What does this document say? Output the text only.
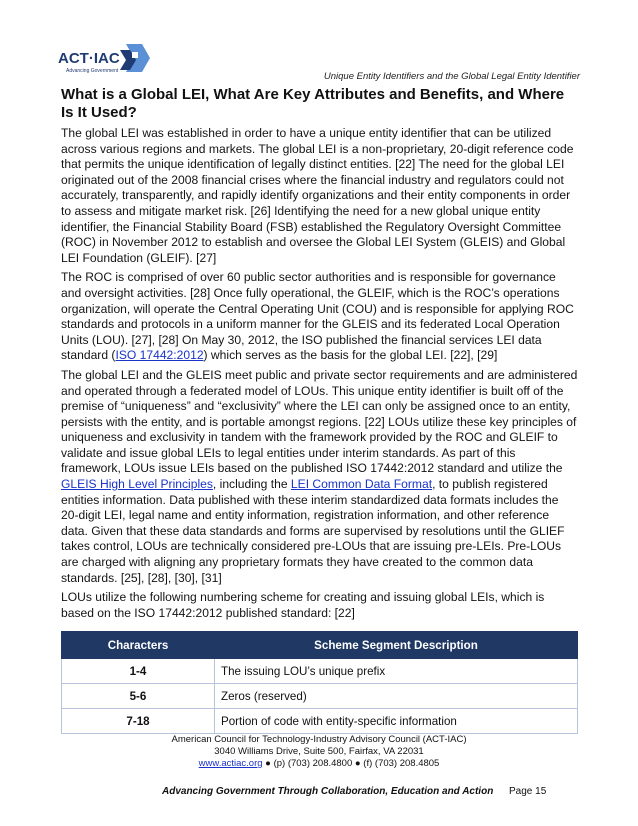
ACT·IAC
Advancing Government	Unique Entity Identifiers and the Global Legal Entity Identifier
What is a Global LEI, What Are Key Attributes and Benefits, and Where Is It Used?

The global LEI was established in order to have a unique entity identifier that can be utilized across various regions and markets. The global LEI is a non-proprietary, 20-digit reference code that permits the unique identification of legally distinct entities. [22] The need for the global LEI originated out of the 2008 financial crises where the financial industry and regulators could not accurately, transparently, and rapidly identify organizations and their entity components in order to assess and mitigate market risk. [26] Identifying the need for a new global unique entity identifier, the Financial Stability Board (FSB) established the Regulatory Oversight Committee (ROC) in November 2012 to establish and oversee the Global LEI System (GLEIS) and Global LEI Foundation (GLEIF). [27]

The ROC is comprised of over 60 public sector authorities and is responsible for governance and oversight activities. [28] Once fully operational, the GLEIF, which is the ROC’s operations organization, will operate the Central Operating Unit (COU) and is responsible for applying ROC standards and protocols in a uniform manner for the GLEIS and its federated Local Operation Units (LOU). [27], [28] On May 30, 2012, the ISO published the financial services LEI data standard (ISO 17442:2012) which serves as the basis for the global LEI. [22], [29]

The global LEI and the GLEIS meet public and private sector requirements and are administered and operated through a federated model of LOUs. This unique entity identifier is built off of the premise of “uniqueness” and “exclusivity” where the LEI can only be assigned once to an entity, persists with the entity, and is portable amongst regions. [22] LOUs utilize these key principles of uniqueness and exclusivity in tandem with the framework provided by the ROC and GLEIF to validate and issue global LEIs to legal entities under interim standards. As part of this framework, LOUs issue LEIs based on the published ISO 17442:2012 standard and utilize the GLEIS High Level Principles, including the LEI Common Data Format, to publish registered entities information. Data published with these interim standardized data formats includes the 20-digit LEI, legal name and entity information, registration information, and other reference data. Given that these data standards and forms are supervised by resolutions until the GLIEF takes control, LOUs are technically considered pre-LOUs that are issuing pre-LEIs. Pre-LOUs are charged with aligning any proprietary formats they have created to the common data standards. [25], [28], [30], [31]

LOUs utilize the following numbering scheme for creating and issuing global LEIs, which is based on the ISO 17442:2012 published standard: [22]

Characters	Scheme Segment Description
1-4	The issuing LOU’s unique prefix
5-6	Zeros (reserved)
7-18	Portion of code with entity-specific information
American Council for Technology-Industry Advisory Council (ACT-IAC)
3040 Williams Drive, Suite 500, Fairfax, VA 22031
www.actiac.org ● (p) (703) 208.4800 ● (f) (703) 208.4805
Advancing Government Through Collaboration, Education and Action Page 15
